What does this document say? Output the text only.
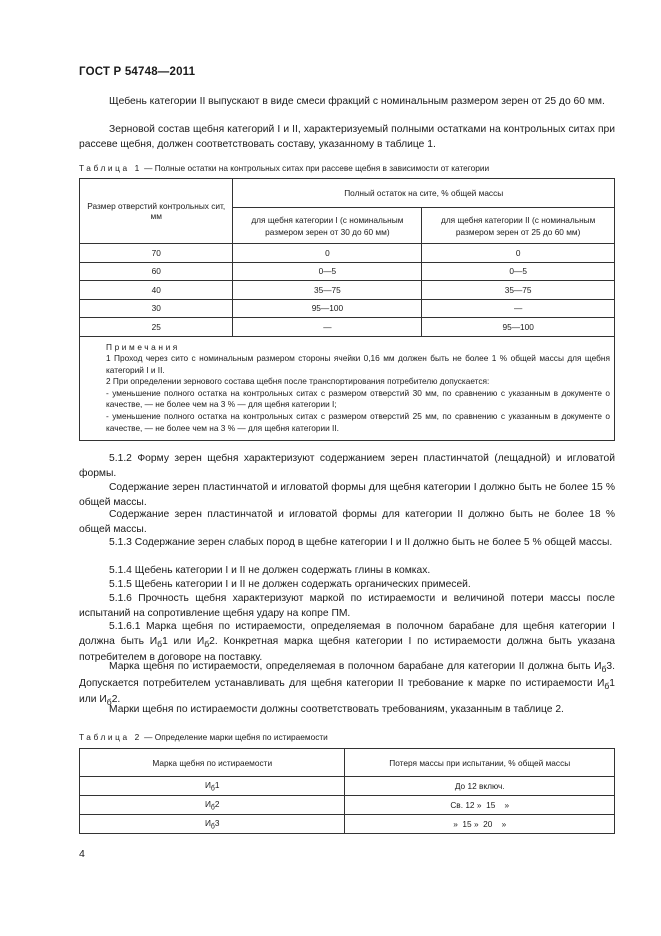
ГОСТ Р 54748—2011

Щебень категории II выпускают в виде смеси фракций с номинальным размером зерен от 25 до 60 мм.

Зерновой состав щебня категорий I и II, характеризуемый полными остатками на контрольных ситах при рассеве щебня, должен соответствовать составу, указанному в таблице 1.

Таблица 1 — Полные остатки на контрольных ситах при рассеве щебня в зависимости от категории
Размер отверстий контрольных сит, мм	Полный остаток на сите, % общей массы	
	для щебня категории I (с номинальным размером зерен от 30 до 60 мм)	для щебня категории II (с номинальным размером зерен от 25 до 60 мм)
70	0	0
60	0—5	0—5
40	35—75	35—75
30	95—100	—
25	—	95—100

Примечания
1 Проход через сито с номинальным размером стороны ячейки 0,16 мм должен быть не более 1 % общей массы для щебня категорий I и II.
2 При определении зернового состава щебня после транспортирования потребителю допускается:
- уменьшение полного остатка на контрольных ситах с размером отверстий 30 мм, по сравнению с указанным в документе о качестве, — не более чем на 3 % — для щебня категории I;
- уменьшение полного остатка на контрольных ситах с размером отверстий 25 мм, по сравнению с указанным в документе о качестве, — не более чем на 3 % — для щебня категории II.		

5.1.2 Форму зерен щебня характеризуют содержанием зерен пластинчатой (лещадной) и игловатой формы.

Содержание зерен пластинчатой и игловатой формы для щебня категории I должно быть не более 15 % общей массы.

Содержание зерен пластинчатой и игловатой формы для категории II должно быть не более 18 % общей массы.

5.1.3 Содержание зерен слабых пород в щебне категории I и II должно быть не более 5 % общей массы.

5.1.4 Щебень категории I и II не должен содержать глины в комках.

5.1.5 Щебень категории I и II не должен содержать органических примесей.

5.1.6 Прочность щебня характеризуют маркой по истираемости и величиной потери массы после испытаний на сопротивление щебня удару на копре ПМ.

5.1.6.1 Марка щебня по истираемости, определяемая в полочном барабане для щебня категории I должна быть $И_б1$ или $И_б2$. Конкретная марка щебня категории I по истираемости должна быть указана потребителем в договоре на поставку.

Марка щебня по истираемости, определяемая в полочном барабане для категории II должна быть $И_б3$. Допускается потребителем устанавливать для щебня категории II требование к марке по истираемости $И_б1$ или $И_б2$.

Марки щебня по истираемости должны соответствовать требованиям, указанным в таблице 2.

Таблица 2 — Определение марки щебня по истираемости
Марка щебня по истираемости	Потеря массы при испытании, % общей массы
$И_б1$	До 12 включ.
$И_б2$	Св. 12 »  15    »
$И_б3$	»  15 »  20    »
4
